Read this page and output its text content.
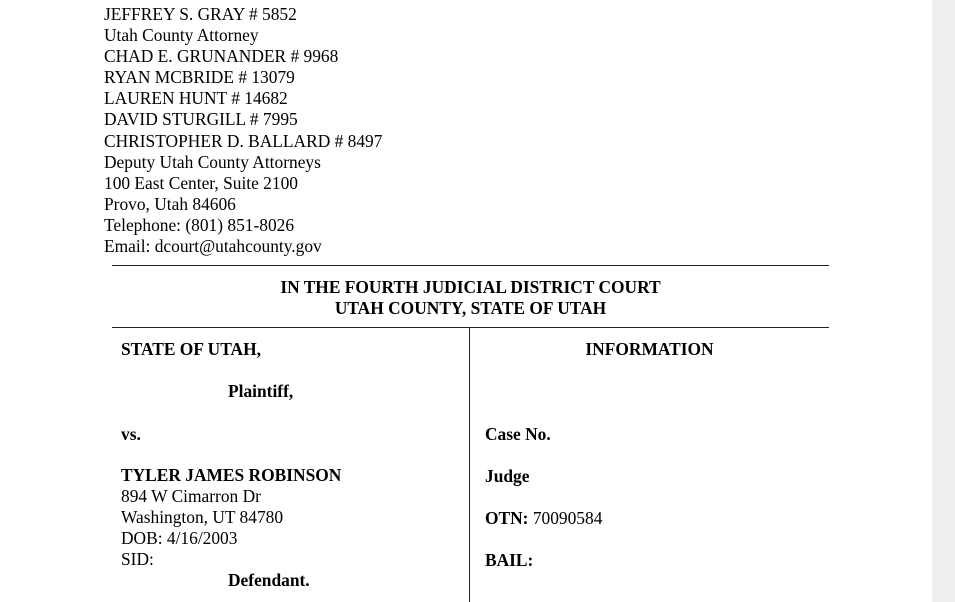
JEFFREY S. GRAY # 5852
Utah County Attorney
CHAD E. GRUNANDER # 9968
RYAN MCBRIDE # 13079
LAUREN HUNT # 14682
DAVID STURGILL # 7995
CHRISTOPHER D. BALLARD # 8497
Deputy Utah County Attorneys
100 East Center, Suite 2100
Provo, Utah 84606
Telephone: (801) 851-8026
Email: dcourt@utahcounty.gov
IN THE FOURTH JUDICIAL DISTRICT COURT
UTAH COUNTY, STATE OF UTAH
STATE OF UTAH,
Plaintiff,
vs.
TYLER JAMES ROBINSON
894 W Cimarron Dr
Washington, UT 84780
DOB: 4/16/2003
SID:
Defendant.
INFORMATION
Case No.
Judge
OTN: 70090584
BAIL:
